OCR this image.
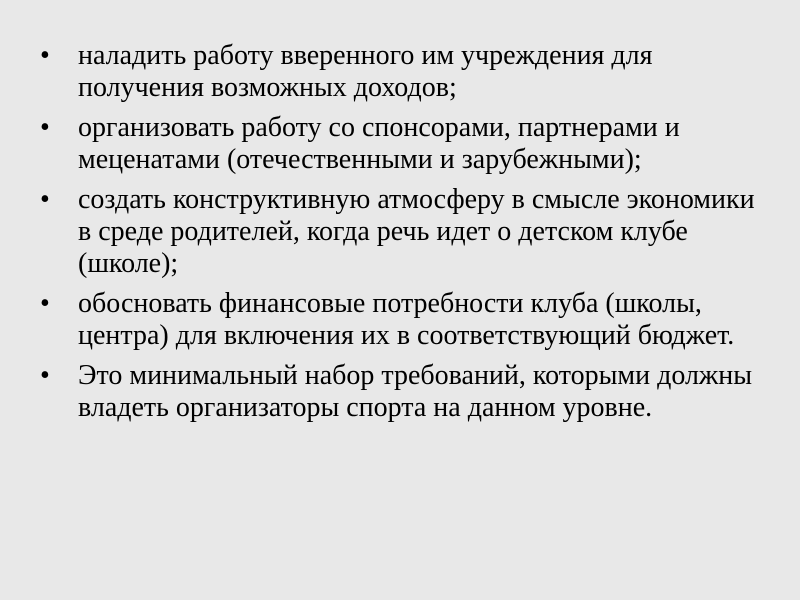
•	наладить работу вверенного им учреждения для получения возможных доходов;
•	организовать работу со спонсорами, партнерами и меценатами (отечественными и зарубежными);
•	создать конструктивную атмосферу в смысле экономики в среде родителей, когда речь идет о детском клубе (школе);
•	обосновать финансовые потребности клуба (школы, центра) для включения их в соответствующий бюджет.
•	Это минимальный набор требований, которыми должны владеть организаторы спорта на данном уровне.
